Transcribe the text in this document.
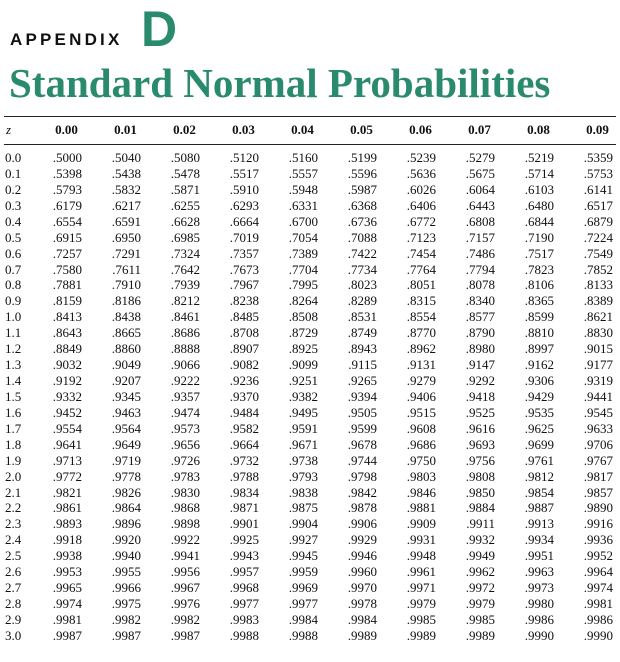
APPENDIX D
Standard Normal Probabilities
z	0.00	0.01	0.02	0.03	0.04	0.05	0.06	0.07	0.08	0.09
0.0	.5000	.5040	.5080	.5120	.5160	.5199	.5239	.5279	.5219	.5359
0.1	.5398	.5438	.5478	.5517	.5557	.5596	.5636	.5675	.5714	.5753
0.2	.5793	.5832	.5871	.5910	.5948	.5987	.6026	.6064	.6103	.6141
0.3	.6179	.6217	.6255	.6293	.6331	.6368	.6406	.6443	.6480	.6517
0.4	.6554	.6591	.6628	.6664	.6700	.6736	.6772	.6808	.6844	.6879
0.5	.6915	.6950	.6985	.7019	.7054	.7088	.7123	.7157	.7190	.7224
0.6	.7257	.7291	.7324	.7357	.7389	.7422	.7454	.7486	.7517	.7549
0.7	.7580	.7611	.7642	.7673	.7704	.7734	.7764	.7794	.7823	.7852
0.8	.7881	.7910	.7939	.7967	.7995	.8023	.8051	.8078	.8106	.8133
0.9	.8159	.8186	.8212	.8238	.8264	.8289	.8315	.8340	.8365	.8389
1.0	.8413	.8438	.8461	.8485	.8508	.8531	.8554	.8577	.8599	.8621
1.1	.8643	.8665	.8686	.8708	.8729	.8749	.8770	.8790	.8810	.8830
1.2	.8849	.8860	.8888	.8907	.8925	.8943	.8962	.8980	.8997	.9015
1.3	.9032	.9049	.9066	.9082	.9099	.9115	.9131	.9147	.9162	.9177
1.4	.9192	.9207	.9222	.9236	.9251	.9265	.9279	.9292	.9306	.9319
1.5	.9332	.9345	.9357	.9370	.9382	.9394	.9406	.9418	.9429	.9441
1.6	.9452	.9463	.9474	.9484	.9495	.9505	.9515	.9525	.9535	.9545
1.7	.9554	.9564	.9573	.9582	.9591	.9599	.9608	.9616	.9625	.9633
1.8	.9641	.9649	.9656	.9664	.9671	.9678	.9686	.9693	.9699	.9706
1.9	.9713	.9719	.9726	.9732	.9738	.9744	.9750	.9756	.9761	.9767
2.0	.9772	.9778	.9783	.9788	.9793	.9798	.9803	.9808	.9812	.9817
2.1	.9821	.9826	.9830	.9834	.9838	.9842	.9846	.9850	.9854	.9857
2.2	.9861	.9864	.9868	.9871	.9875	.9878	.9881	.9884	.9887	.9890
2.3	.9893	.9896	.9898	.9901	.9904	.9906	.9909	.9911	.9913	.9916
2.4	.9918	.9920	.9922	.9925	.9927	.9929	.9931	.9932	.9934	.9936
2.5	.9938	.9940	.9941	.9943	.9945	.9946	.9948	.9949	.9951	.9952
2.6	.9953	.9955	.9956	.9957	.9959	.9960	.9961	.9962	.9963	.9964
2.7	.9965	.9966	.9967	.9968	.9969	.9970	.9971	.9972	.9973	.9974
2.8	.9974	.9975	.9976	.9977	.9977	.9978	.9979	.9979	.9980	.9981
2.9	.9981	.9982	.9982	.9983	.9984	.9984	.9985	.9985	.9986	.9986
3.0	.9987	.9987	.9987	.9988	.9988	.9989	.9989	.9989	.9990	.9990
